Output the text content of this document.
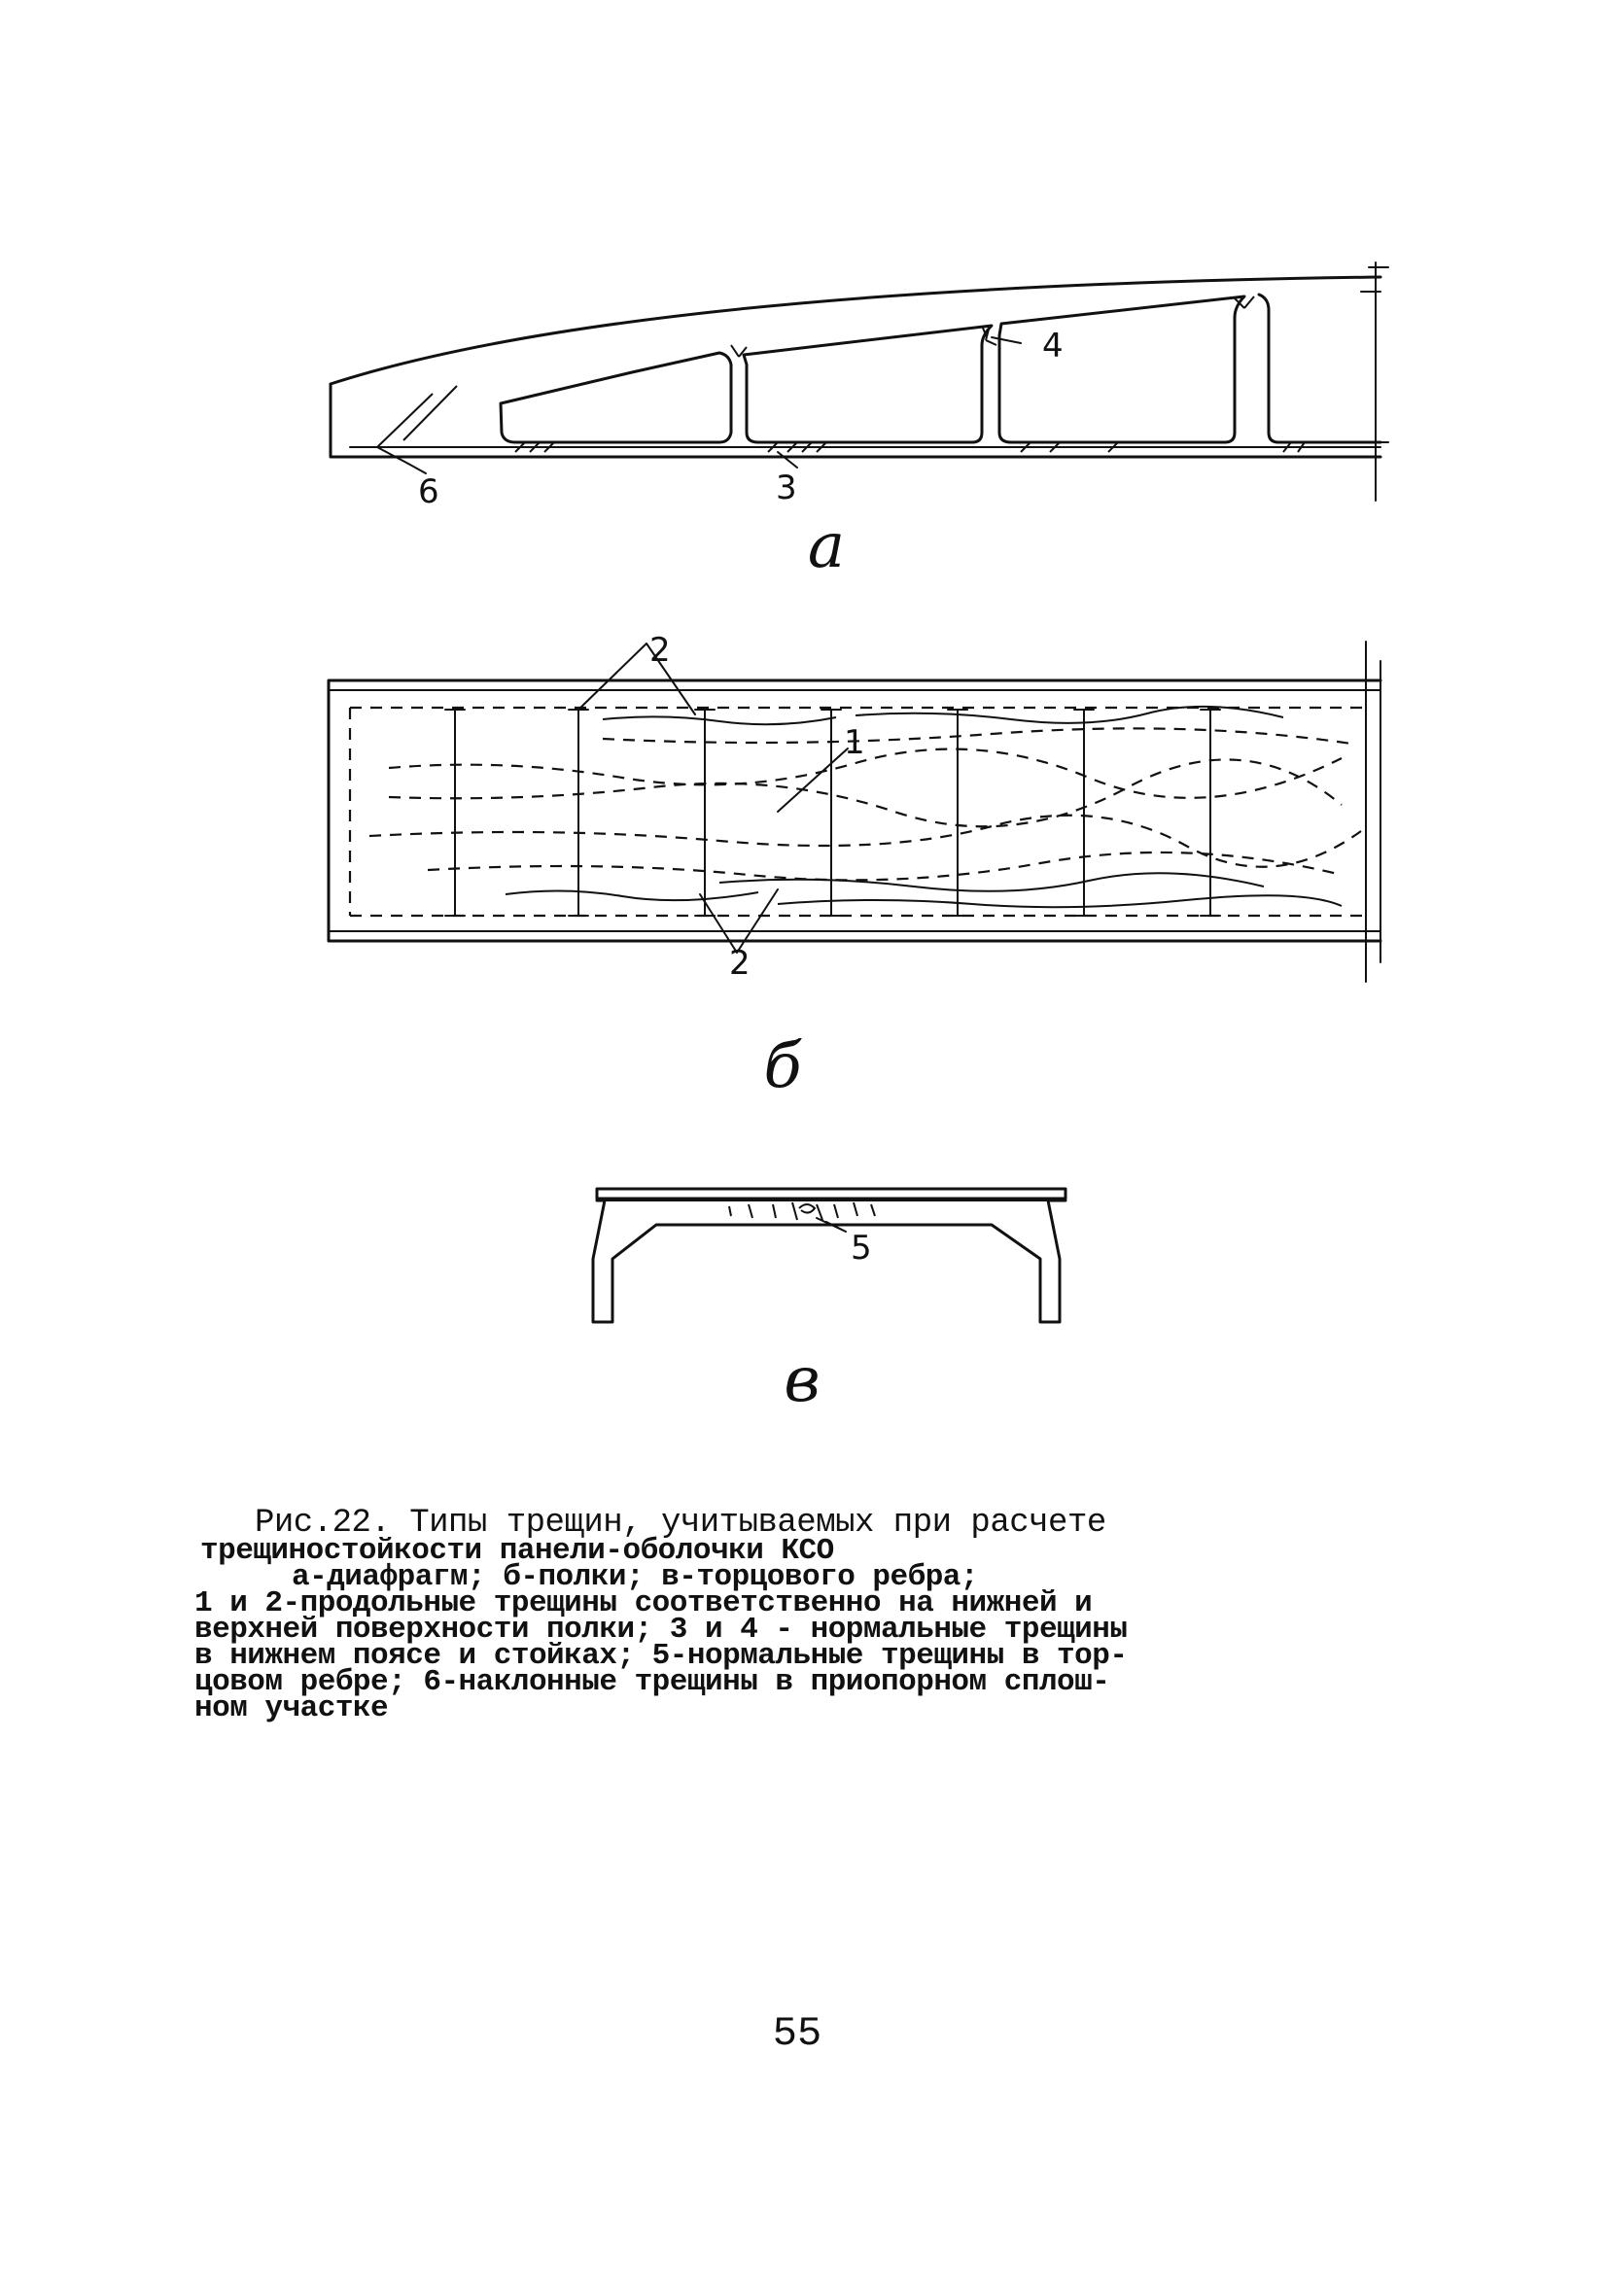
4
6	3
а
2
1
2
б
5
в
Рис.22. Типы трещин, учитываемых при расчете
трещиностойкости панели-оболочки КСО
а-диафрагм; б-полки; в-торцового ребра;
1 и 2-продольные трещины соответственно на нижней и
верхней поверхности полки; 3 и 4 - нормальные трещины
в нижнем поясе и стойках; 5-нормальные трещины в тор-
цовом ребре; 6-наклонные трещины в приопорном сплош-
ном участке
55
